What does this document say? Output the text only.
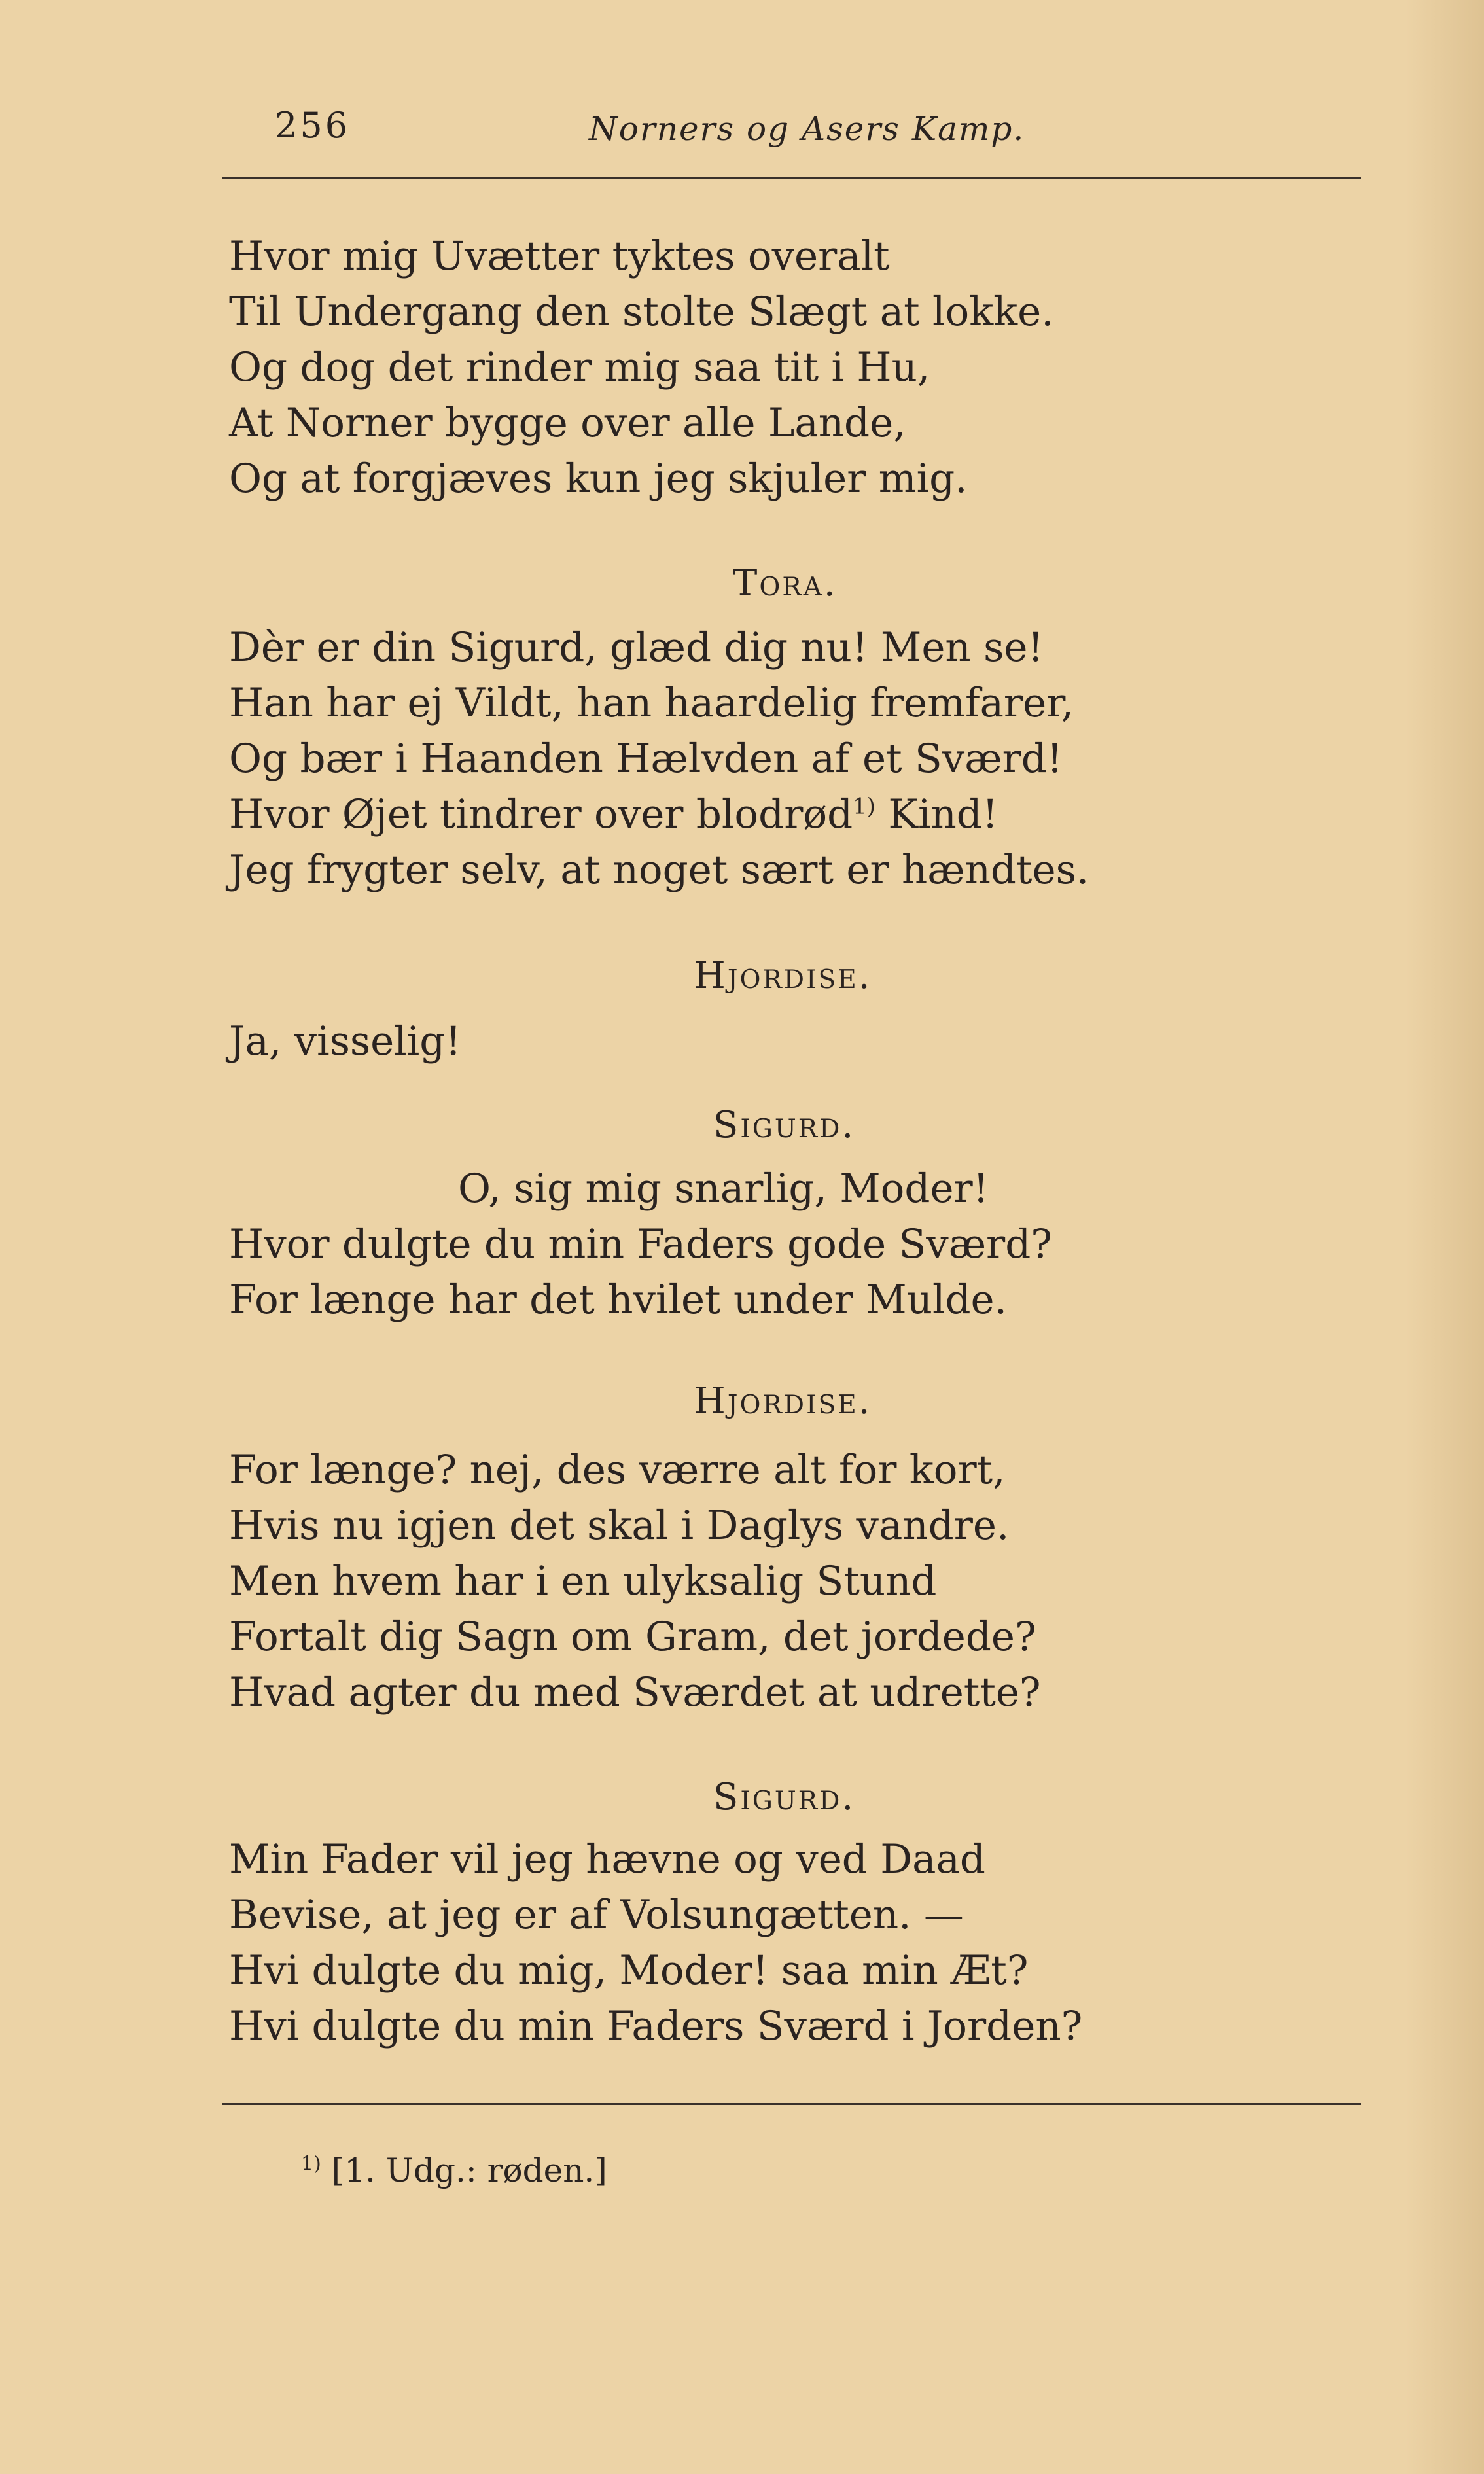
256	Norners og Asers Kamp.
Hvor mig Uvætter tyktes overalt
Til Undergang den stolte Slægt at lokke.
Og dog det rinder mig saa tit i Hu,
At Norner bygge over alle Lande,
Og at forgjæves kun jeg skjuler mig.
Tora.
Dèr er din Sigurd, glæd dig nu! Men se!
Han har ej Vildt, han haardelig fremfarer,
Og bær i Haanden Hælvden af et Sværd!
Hvor Øjet tindrer over blodrød$^{1)}$ Kind!
Jeg frygter selv, at noget sært er hændtes.
Hjordise.
Ja, visselig!
Sigurd.
O, sig mig snarlig, Moder!
Hvor dulgte du min Faders gode Sværd?
For længe har det hvilet under Mulde.
Hjordise.
For længe? nej, des værre alt for kort,
Hvis nu igjen det skal i Daglys vandre.
Men hvem har i en ulyksalig Stund
Fortalt dig Sagn om Gram, det jordede?
Hvad agter du med Sværdet at udrette?
Sigurd.
Min Fader vil jeg hævne og ved Daad
Bevise, at jeg er af Volsungætten. —
Hvi dulgte du mig, Moder! saa min Æt?
Hvi dulgte du min Faders Sværd i Jorden?
$^{1)}$ [1. Udg.: røden.]
